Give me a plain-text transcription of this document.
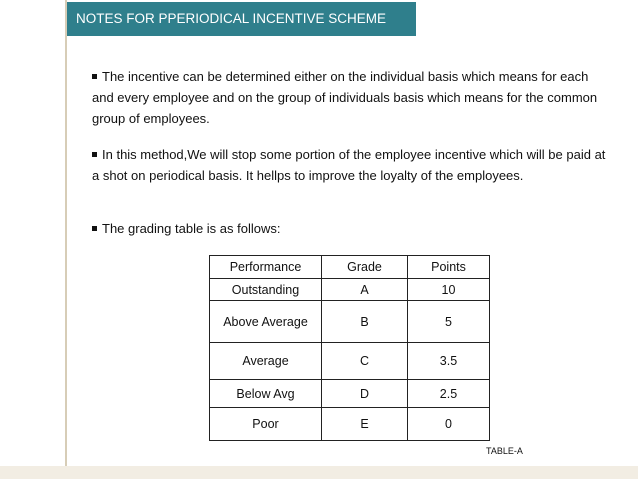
NOTES FOR PPERIODICAL INCENTIVE SCHEME
The incentive can be determined either on the individual basis which means for each and every employee and on the group of individuals basis which means for the common group of employees.
In this method,We will stop some portion of the employee incentive which will be paid at a shot on periodical basis. It hellps to improve the loyalty of the employees.
The grading table is as follows:
Performance	Grade	Points
Outstanding	A	10
Above Average	B	5
Average	C	3.5
Below Avg	D	2.5
Poor	E	0
TABLE-A
